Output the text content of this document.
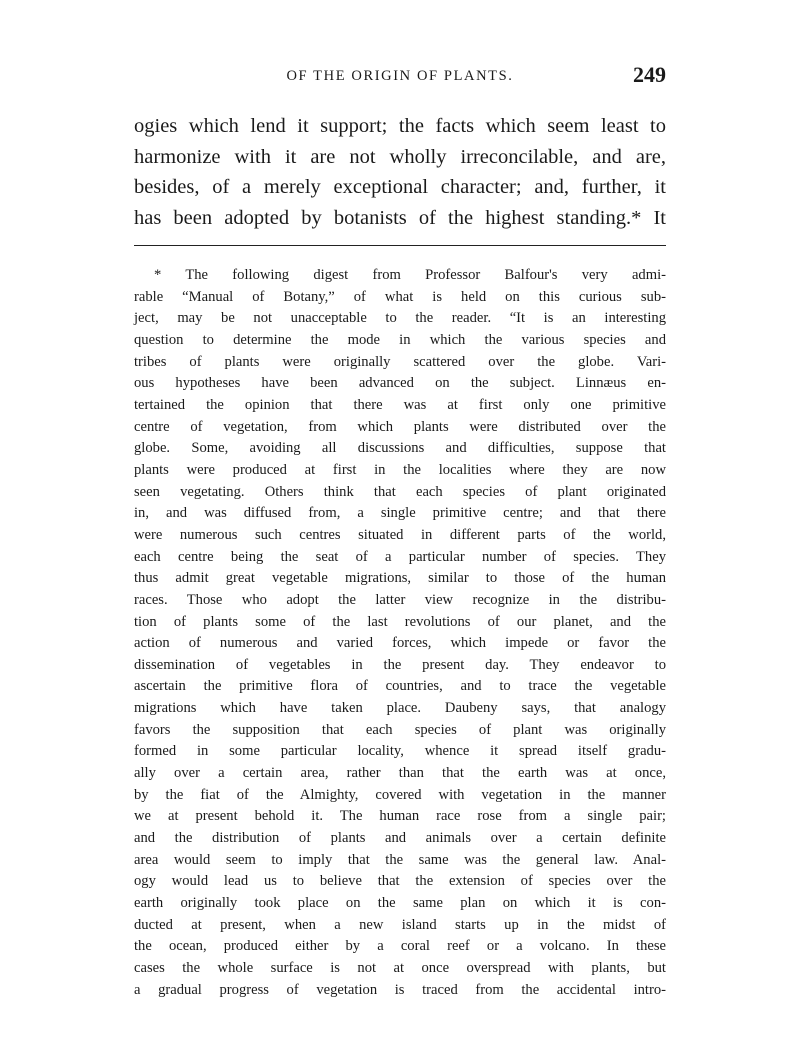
OF THE ORIGIN OF PLANTS.	249
ogies which lend it support; the facts which seem least to
harmonize with it are not wholly irreconcilable, and are,
besides, of a merely exceptional character; and, further, it
has been adopted by botanists of the highest standing.* It
* The following digest from Professor Balfour's very admi-
rable “Manual of Botany,” of what is held on this curious sub-
ject, may be not unacceptable to the reader. “It is an interesting
question to determine the mode in which the various species and
tribes of plants were originally scattered over the globe. Vari-
ous hypotheses have been advanced on the subject. Linnæus en-
tertained the opinion that there was at first only one primitive
centre of vegetation, from which plants were distributed over the
globe. Some, avoiding all discussions and difficulties, suppose that
plants were produced at first in the localities where they are now
seen vegetating. Others think that each species of plant originated
in, and was diffused from, a single primitive centre; and that there
were numerous such centres situated in different parts of the world,
each centre being the seat of a particular number of species. They
thus admit great vegetable migrations, similar to those of the human
races. Those who adopt the latter view recognize in the distribu-
tion of plants some of the last revolutions of our planet, and the
action of numerous and varied forces, which impede or favor the
dissemination of vegetables in the present day. They endeavor to
ascertain the primitive flora of countries, and to trace the vegetable
migrations which have taken place. Daubeny says, that analogy
favors the supposition that each species of plant was originally
formed in some particular locality, whence it spread itself gradu-
ally over a certain area, rather than that the earth was at once,
by the fiat of the Almighty, covered with vegetation in the manner
we at present behold it. The human race rose from a single pair;
and the distribution of plants and animals over a certain definite
area would seem to imply that the same was the general law. Anal-
ogy would lead us to believe that the extension of species over the
earth originally took place on the same plan on which it is con-
ducted at present, when a new island starts up in the midst of
the ocean, produced either by a coral reef or a volcano. In these
cases the whole surface is not at once overspread with plants, but
a gradual progress of vegetation is traced from the accidental intro-
